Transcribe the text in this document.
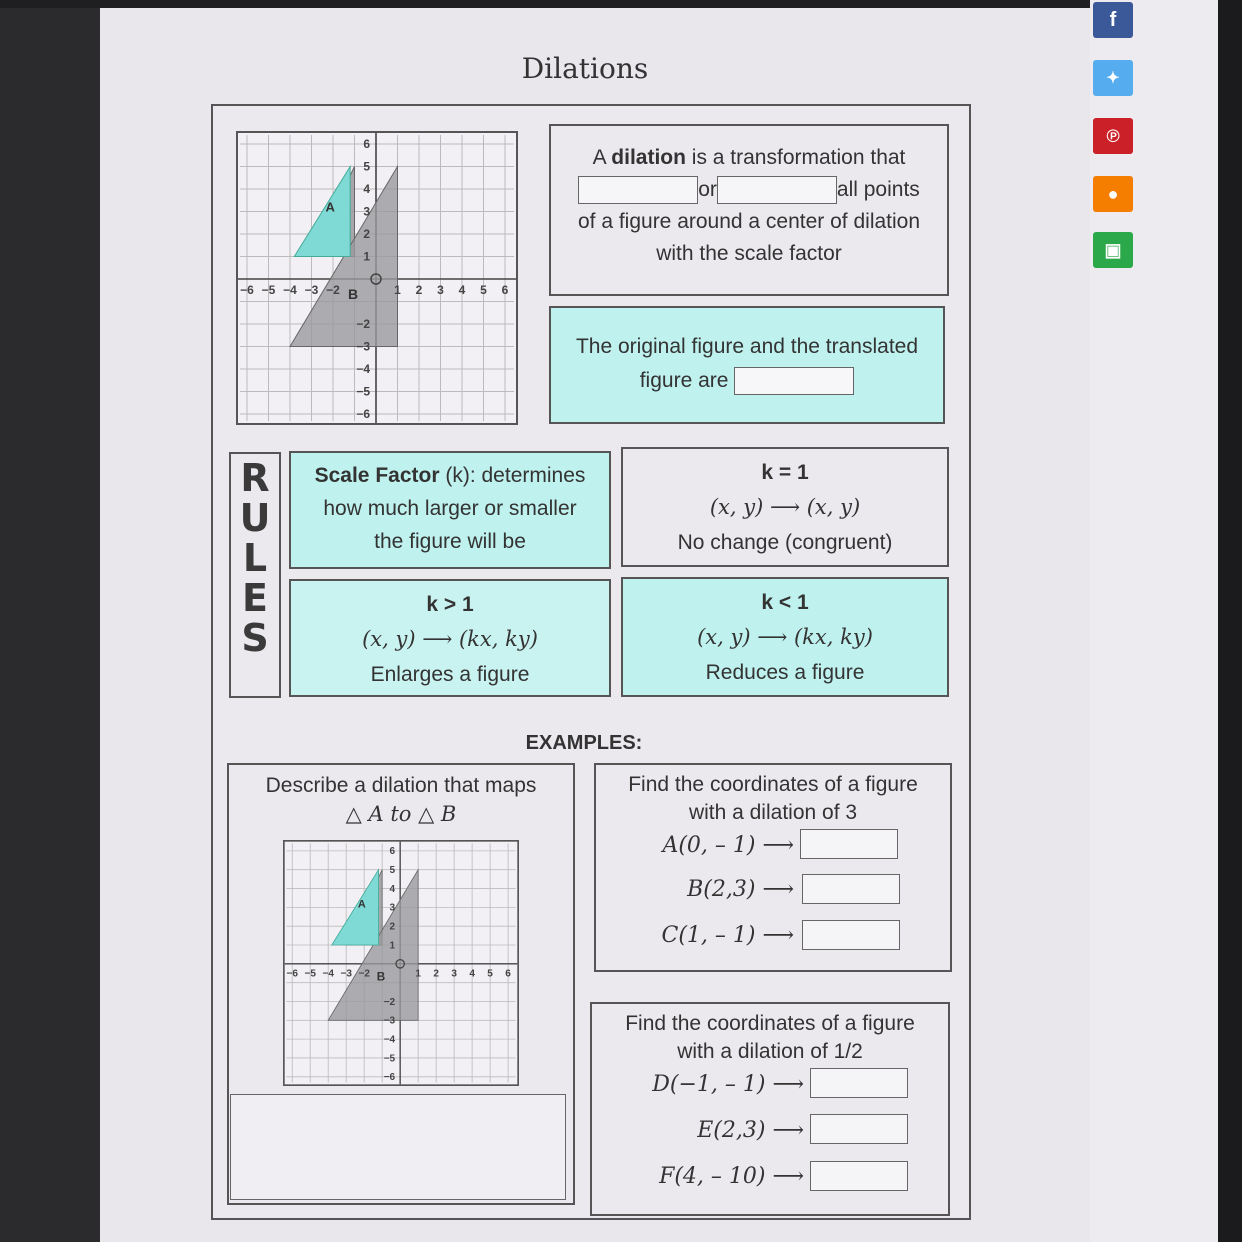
f
✦
℗
●
▣
Dilations
−6 −5 −4 −3 −2	1 2 3 4 5 6
6
5
4
3
2
1
−2
−3
−4
−5
−6
A
B
A dilation is a transformation that
or	all points
of a figure around a center of dilation
with the scale factor
The original figure and the translated
figure are
R
U
L
E
S
Scale Factor (k): determines
how much larger or smaller
the figure will be
k = 1
(x, y) ⟶ (x, y)
No change (congruent)
k > 1
(x, y) ⟶ (kx, ky)
Enlarges a figure
k < 1
(x, y) ⟶ (kx, ky)
Reduces a figure
EXAMPLES:
Describe a dilation that maps
△ A to △ B
−6 −5 −4 −3 −2	1 2 3 4 5 6
6
5
4
3
2
1
−2
−3
−4
−5
−6
A
B
Find the coordinates of a figure
with a dilation of 3
A(0, – 1) ⟶
B(2,3) ⟶
C(1, – 1) ⟶
Find the coordinates of a figure
with a dilation of 1/2
D(−1, – 1) ⟶
E(2,3) ⟶
F(4, – 10) ⟶
